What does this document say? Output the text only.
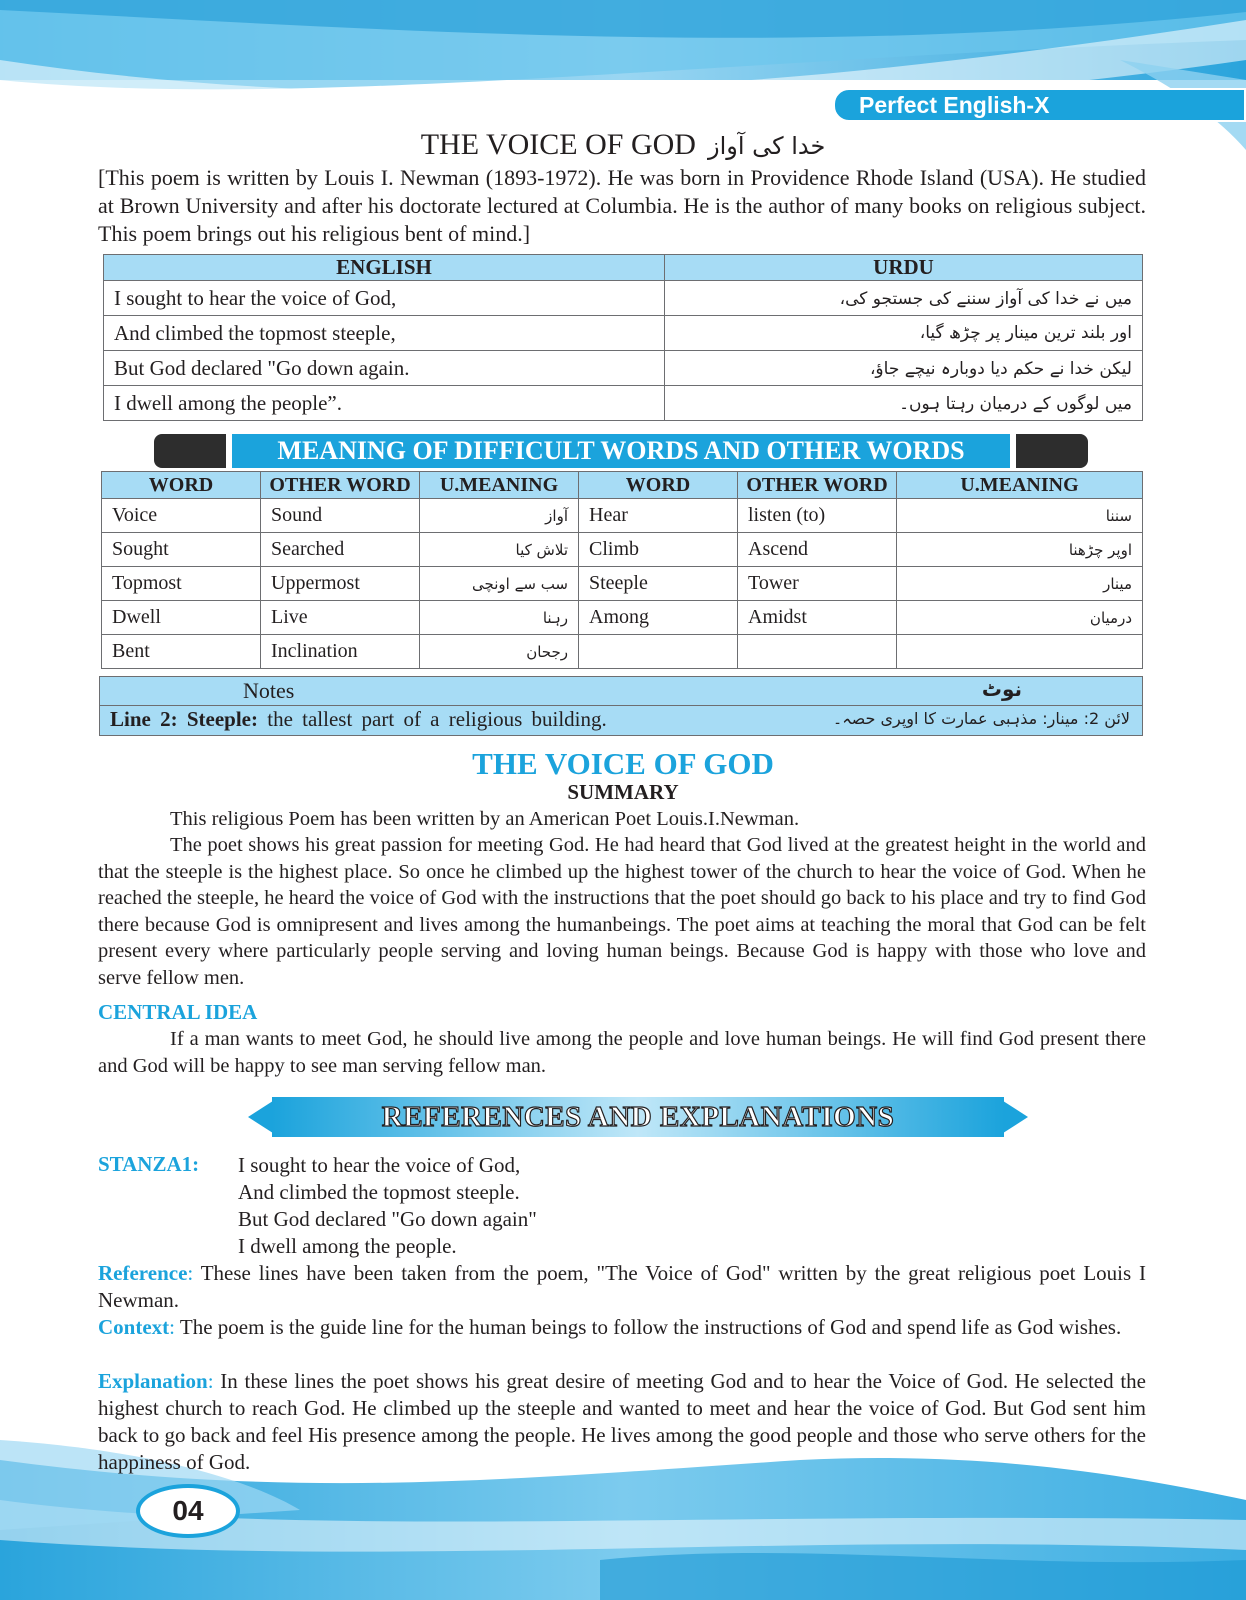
Perfect English-X
THE VOICE OF GOD خدا کی آواز

[This poem is written by Louis I. Newman (1893-1972). He was born in Providence Rhode Island (USA). He studied at Brown University and after his doctorate lectured at Columbia. He is the author of many books on religious subject. This poem brings out his religious bent of mind.]

ENGLISH	URDU
I sought to hear the voice of God,	میں نے خدا کی آواز سننے کی جستجو کی،
And climbed the topmost steeple,	اور بلند ترین مینار پر چڑھ گیا،
But God declared "Go down again.	لیکن خدا نے حکم دیا دوبارہ نیچے جاؤ،
I dwell among the people”.	میں لوگوں کے درمیان رہتا ہوں۔
MEANING OF DIFFICULT WORDS AND OTHER WORDS
WORD	OTHER WORD	U.MEANING	WORD	OTHER WORD	U.MEANING
Voice	Sound	آواز	Hear	listen (to)	سننا
Sought	Searched	تلاش کیا	Climb	Ascend	اوپر چڑھنا
Topmost	Uppermost	سب سے اونچی	Steeple	Tower	مینار
Dwell	Live	رہنا	Among	Amidst	درمیان
Bent	Inclination	رجحان			
Notes	نوٹ
Line 2: Steeple: the tallest part of a religious building.	لائن 2: مینار: مذہبی عمارت کا اوپری حصہ۔
THE VOICE OF GOD
SUMMARY

This religious Poem has been written by an American Poet Louis.I.Newman.

The poet shows his great passion for meeting God. He had heard that God lived at the greatest height in the world and that the steeple is the highest place. So once he climbed up the highest tower of the church to hear the voice of God. When he reached the steeple, he heard the voice of God with the instructions that the poet should go back to his place and try to find God there because God is omnipresent and lives among the humanbeings. The poet aims at teaching the moral that God can be felt present every where particularly people serving and loving human beings. Because God is happy with those who love and serve fellow men.

CENTRAL IDEA

If a man wants to meet God, he should live among the people and love human beings. He will find God present there and God will be happy to see man serving fellow man.

REFERENCES AND EXPLANATIONS
STANZA1: I sought to hear the voice of God,
And climbed the topmost steeple.
But God declared "Go down again"
I dwell among the people.

Reference: These lines have been taken from the poem, "The Voice of God" written by the great religious poet Louis I Newman.

Context: The poem is the guide line for the human beings to follow the instructions of God and spend life as God wishes.

Explanation: In these lines the poet shows his great desire of meeting God and to hear the Voice of God. He selected the highest church to reach God. He climbed up the steeple and wanted to meet and hear the voice of God. But God sent him back to go back and feel His presence among the people. He lives among the good people and those who serve others for the happiness of God.

04
